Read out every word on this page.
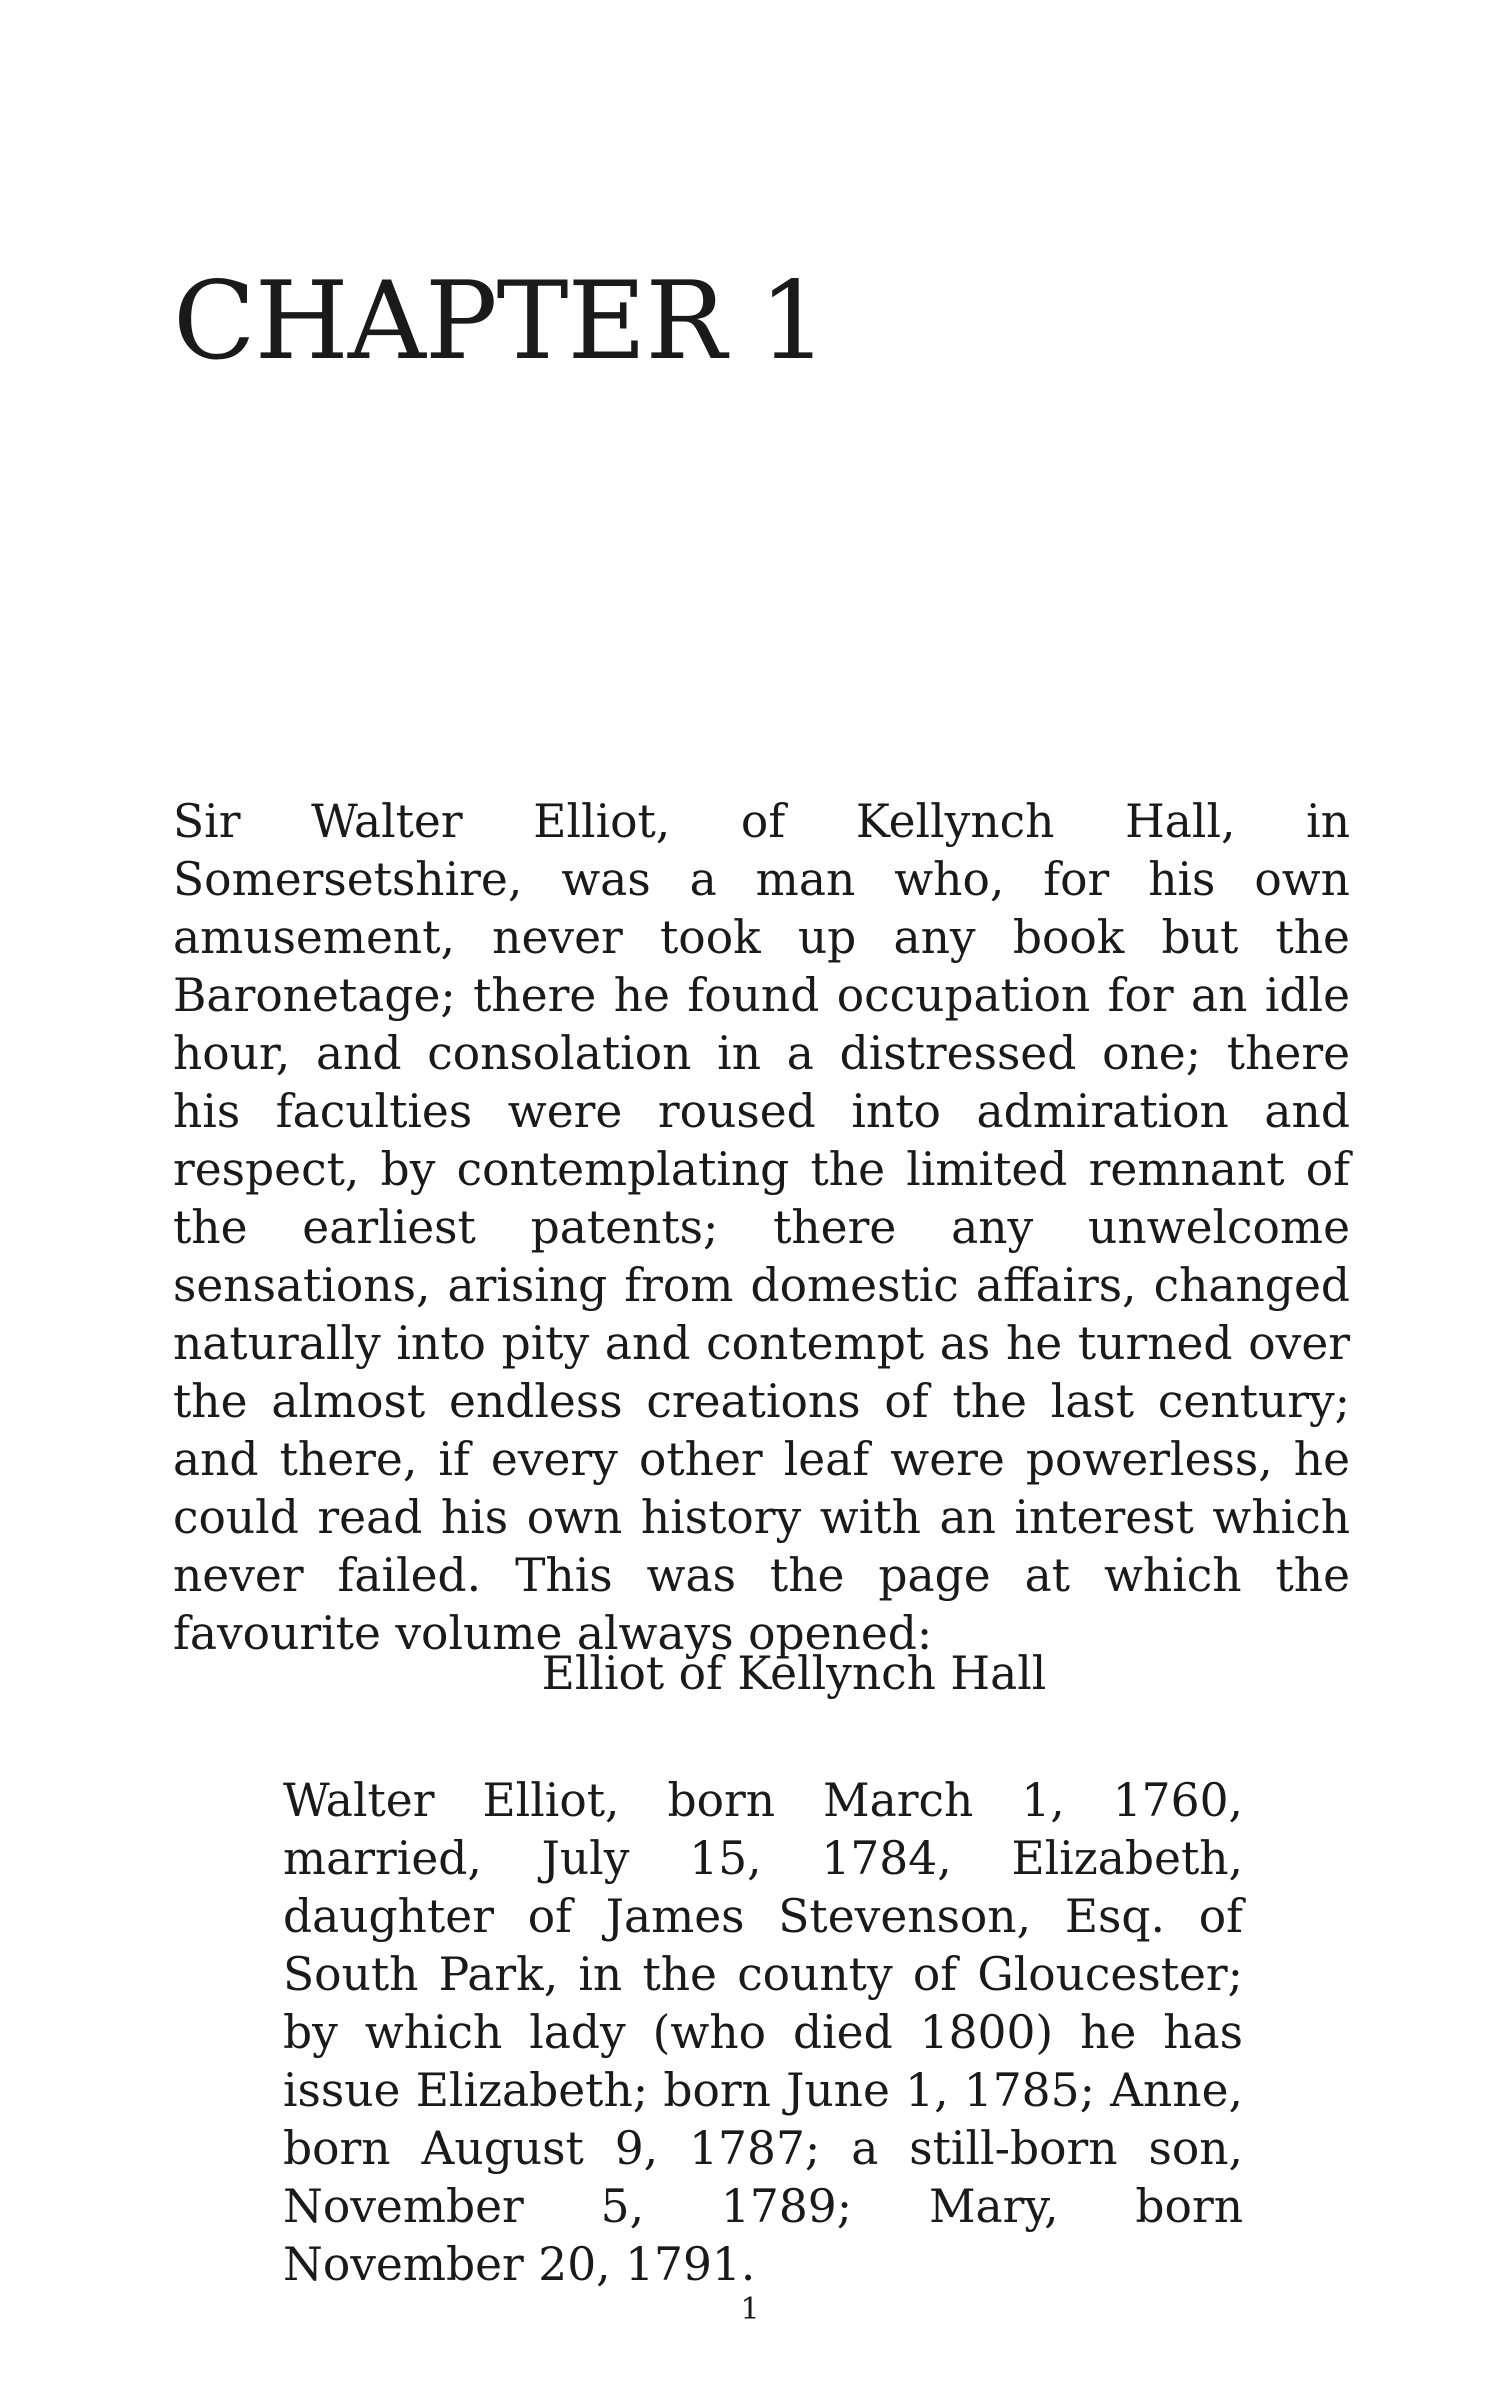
CHAPTER 1

Sir Walter Elliot, of Kellynch Hall, in Somersetshire, was a man who, for his own amusement, never took up any book but the Baronetage; there he found occupation for an idle hour, and consolation in a distressed one; there his faculties were roused into admiration and respect, by contemplating the limited remnant of the earliest patents; there any unwelcome sensations, arising from domestic affairs, changed naturally into pity and contempt as he turned over the almost endless creations of the last century; and there, if every other leaf were powerless, he could read his own history with an interest which never failed. This was the page at which the favourite volume always opened:

Elliot of Kellynch Hall

Walter Elliot, born March 1, 1760, married, July 15, 1784, Elizabeth, daughter of James Stevenson, Esq. of South Park, in the county of Gloucester; by which lady (who died 1800) he has issue Elizabeth; born June 1, 1785; Anne, born August 9, 1787; a still-born son, November 5, 1789; Mary, born November 20, 1791.

1
